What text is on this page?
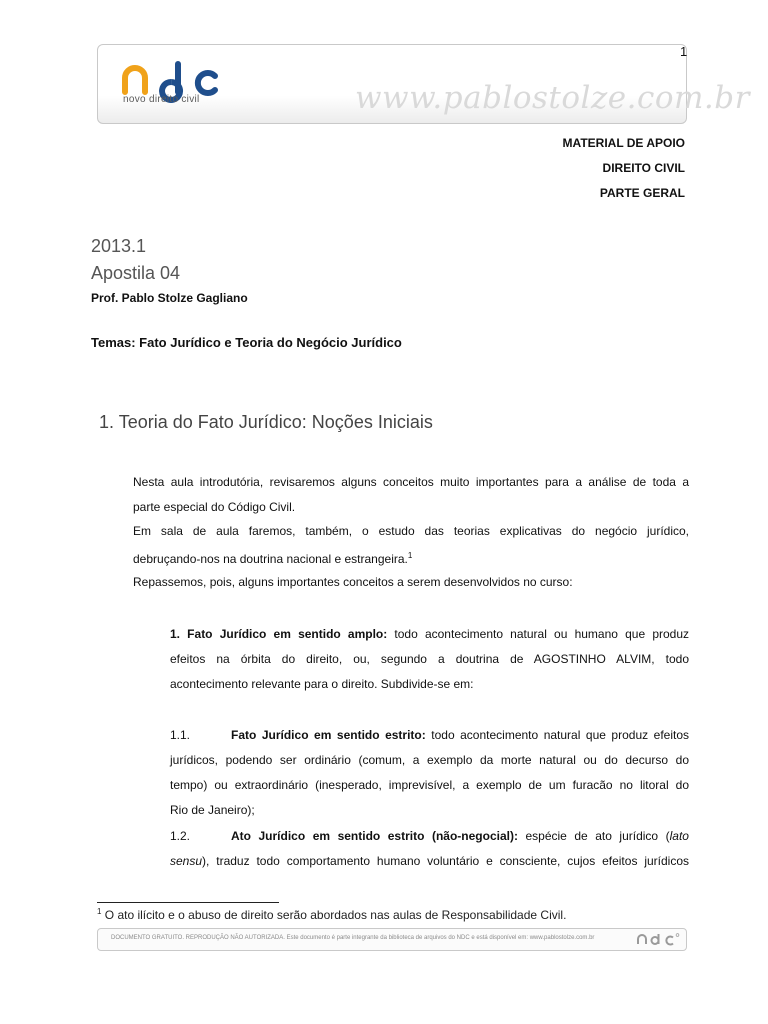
1
novo direito civil	www.pablostolze.com.br
MATERIAL DE APOIO
DIREITO CIVIL
PARTE GERAL
2013.1
Apostila 04
Prof. Pablo Stolze Gagliano
Temas: Fato Jurídico e Teoria do Negócio Jurídico
1. Teoria do Fato Jurídico: Noções Iniciais
Nesta aula introdutória, revisaremos alguns conceitos muito importantes para a análise de toda a
parte especial do Código Civil.
Em sala de aula faremos, também, o estudo das teorias explicativas do negócio jurídico,
debruçando-nos na doutrina nacional e estrangeira.$^1$
Repassemos, pois, alguns importantes conceitos a serem desenvolvidos no curso:
1. Fato Jurídico em sentido amplo: todo acontecimento natural ou humano que produz
efeitos na órbita do direito, ou, segundo a doutrina de AGOSTINHO ALVIM, todo
acontecimento relevante para o direito. Subdivide-se em:
1.1.	Fato Jurídico em sentido estrito: todo acontecimento natural que produz efeitos
jurídicos, podendo ser ordinário (comum, a exemplo da morte natural ou do decurso do
tempo) ou extraordinário (inesperado, imprevisível, a exemplo de um furacão no litoral do
Rio de Janeiro);
1.2.	Ato Jurídico em sentido estrito (não-negocial): espécie de ato jurídico (lato
sensu), traduz todo comportamento humano voluntário e consciente, cujos efeitos jurídicos
$^1$ O ato ilícito e o abuso de direito serão abordados nas aulas de Responsabilidade Civil.
DOCUMENTO GRATUITO. REPRODUÇÃO NÃO AUTORIZADA. Este documento é parte integrante da biblioteca de arquivos do NDC e está disponível em: www.pablostolze.com.br
